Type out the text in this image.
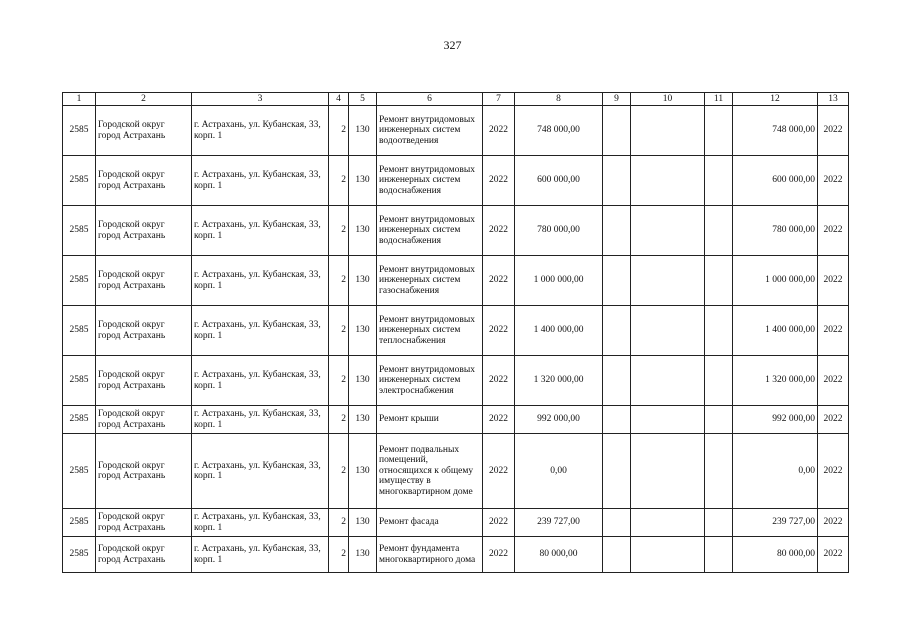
327
1	2	3	4	5	6	7	8	9	10	11	12	13
2585	Городской округ город Астрахань	г. Астрахань, ул. Кубанская, 33, корп. 1	2	130	Ремонт внутридомовых инженерных систем водоотведения	2022	748 000,00				748 000,00	2022
2585	Городской округ город Астрахань	г. Астрахань, ул. Кубанская, 33, корп. 1	2	130	Ремонт внутридомовых инженерных систем водоснабжения	2022	600 000,00				600 000,00	2022
2585	Городской округ город Астрахань	г. Астрахань, ул. Кубанская, 33, корп. 1	2	130	Ремонт внутридомовых инженерных систем водоснабжения	2022	780 000,00				780 000,00	2022
2585	Городской округ город Астрахань	г. Астрахань, ул. Кубанская, 33, корп. 1	2	130	Ремонт внутридомовых инженерных систем газоснабжения	2022	1 000 000,00				1 000 000,00	2022
2585	Городской округ город Астрахань	г. Астрахань, ул. Кубанская, 33, корп. 1	2	130	Ремонт внутридомовых инженерных систем теплоснабжения	2022	1 400 000,00				1 400 000,00	2022
2585	Городской округ город Астрахань	г. Астрахань, ул. Кубанская, 33, корп. 1	2	130	Ремонт внутридомовых инженерных систем электроснабжения	2022	1 320 000,00				1 320 000,00	2022
2585	Городской округ город Астрахань	г. Астрахань, ул. Кубанская, 33, корп. 1	2	130	Ремонт крыши	2022	992 000,00				992 000,00	2022
2585	Городской округ город Астрахань	г. Астрахань, ул. Кубанская, 33, корп. 1	2	130	Ремонт подвальных помещений, относящихся к общему имуществу в многоквартирном доме	2022	0,00				0,00	2022
2585	Городской округ город Астрахань	г. Астрахань, ул. Кубанская, 33, корп. 1	2	130	Ремонт фасада	2022	239 727,00				239 727,00	2022
2585	Городской округ город Астрахань	г. Астрахань, ул. Кубанская, 33, корп. 1	2	130	Ремонт фундамента многоквартирного дома	2022	80 000,00				80 000,00	2022
